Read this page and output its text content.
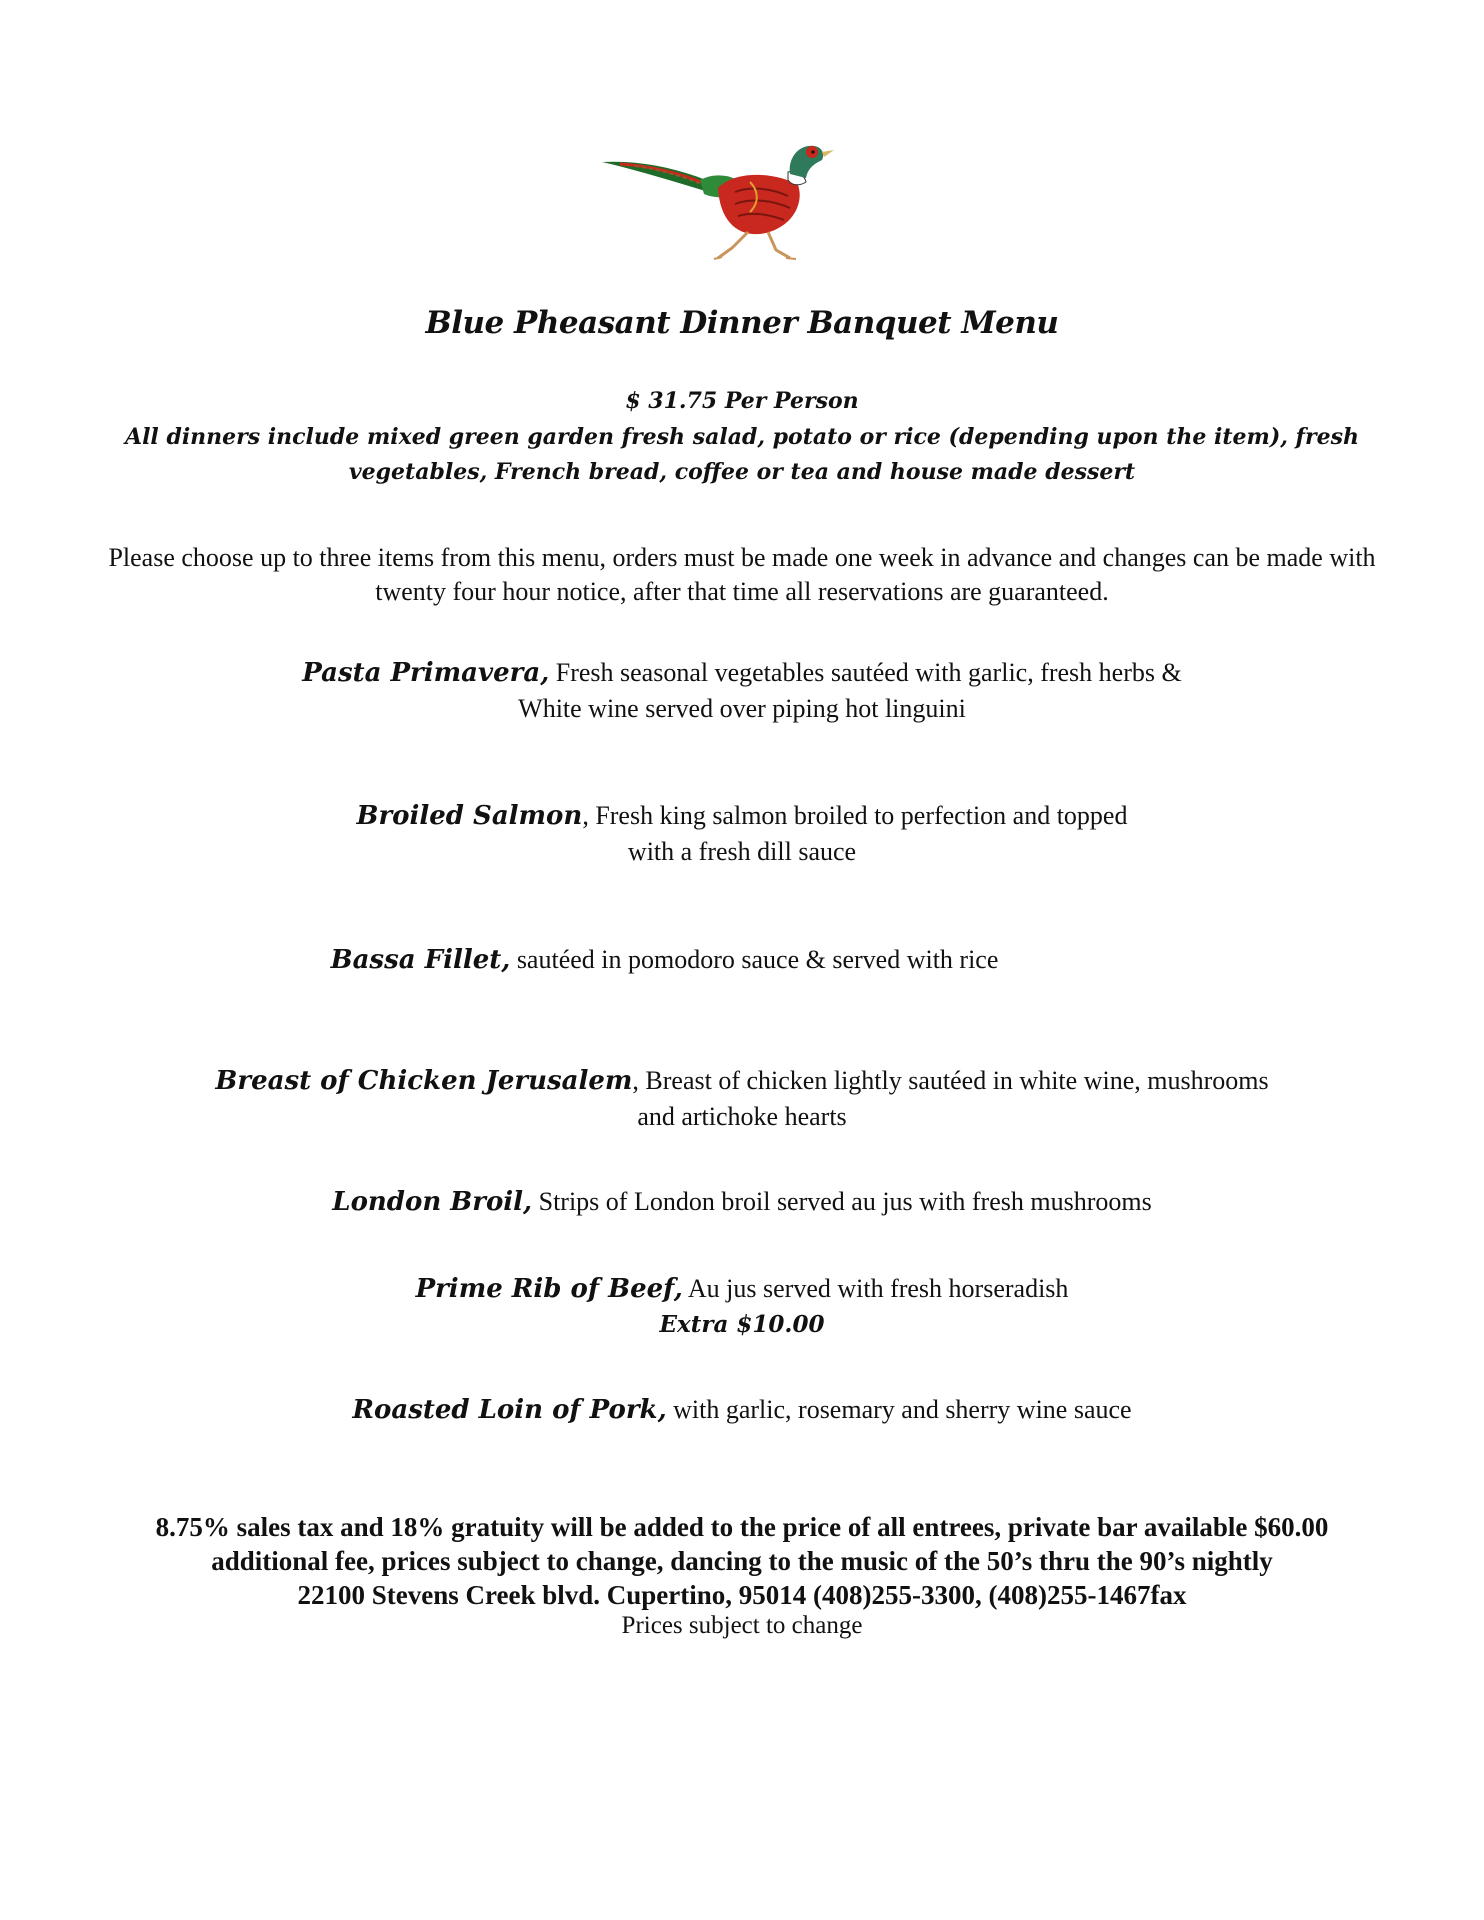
Blue Pheasant Dinner Banquet Menu
$ 31.75 Per Person
All dinners include mixed green garden fresh salad, potato or rice (depending upon the item), fresh vegetables, French bread, coffee or tea and house made dessert
Please choose up to three items from this menu, orders must be made one week in advance and changes can be made with twenty four hour notice, after that time all reservations are guaranteed.
Pasta Primavera, Fresh seasonal vegetables sautéed with garlic, fresh herbs &
White wine served over piping hot linguini
Broiled Salmon, Fresh king salmon broiled to perfection and topped
with a fresh dill sauce
Bassa Fillet, sautéed in pomodoro sauce & served with rice
Breast of Chicken Jerusalem, Breast of chicken lightly sautéed in white wine, mushrooms
and artichoke hearts
London Broil, Strips of London broil served au jus with fresh mushrooms
Prime Rib of Beef, Au jus served with fresh horseradish
Extra $10.00
Roasted Loin of Pork, with garlic, rosemary and sherry wine sauce
8.75% sales tax and 18% gratuity will be added to the price of all entrees, private bar available $60.00
additional fee, prices subject to change, dancing to the music of the 50’s thru the 90’s nightly
22100 Stevens Creek blvd. Cupertino, 95014 (408)255-3300, (408)255-1467fax
Prices subject to change
